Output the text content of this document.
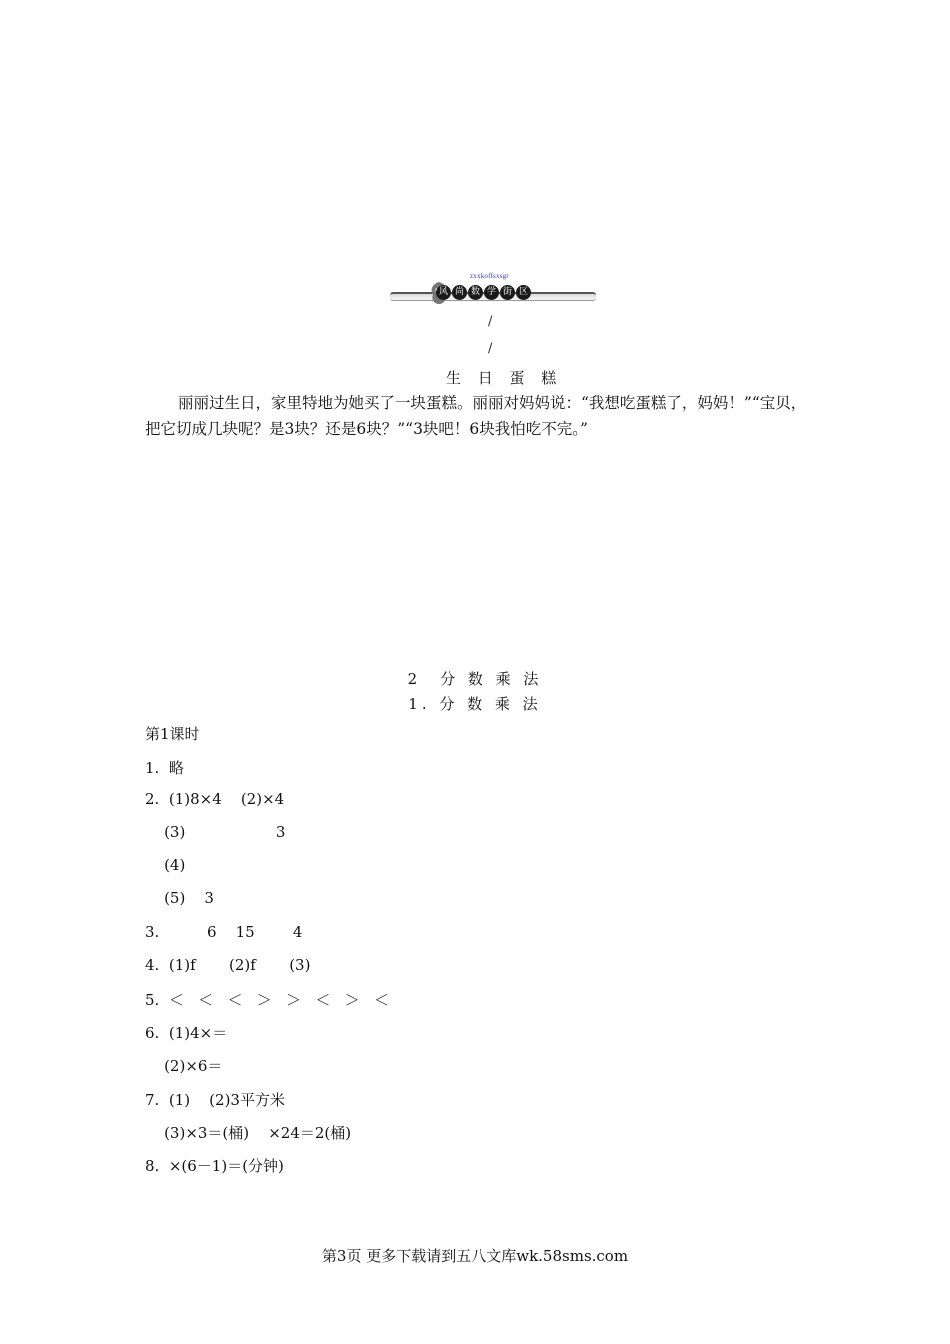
zxxkoffsxsgr
风 尚 数 学 街 区
/
/
生 日 蛋 糕

丽丽过生日，家里特地为她买了一块蛋糕。丽丽对妈妈说：“我想吃蛋糕了，妈妈！”“宝贝，把它切成几块呢？是3块？还是6块？”“3块吧！6块我怕吃不完。”

2　分 数 乘 法
1. 分 数 乘 法
第1课时
1.  略
2.  (1)8×4    (2)×4
(3)                   3
(4)
(5)    3
3.          6    15        4
4.  (1)f       (2)f       (3)
5.  ＜   ＜   ＜   ＞   ＞   ＜   ＞   ＜
6.  (1)4×＝
(2)×6＝
7.  (1)    (2)3平方米
(3)×3＝(桶)    ×24＝2(桶)
8.  ×(6－1)＝(分钟)
第3页 更多下载请到五八文库wk.58sms.com
